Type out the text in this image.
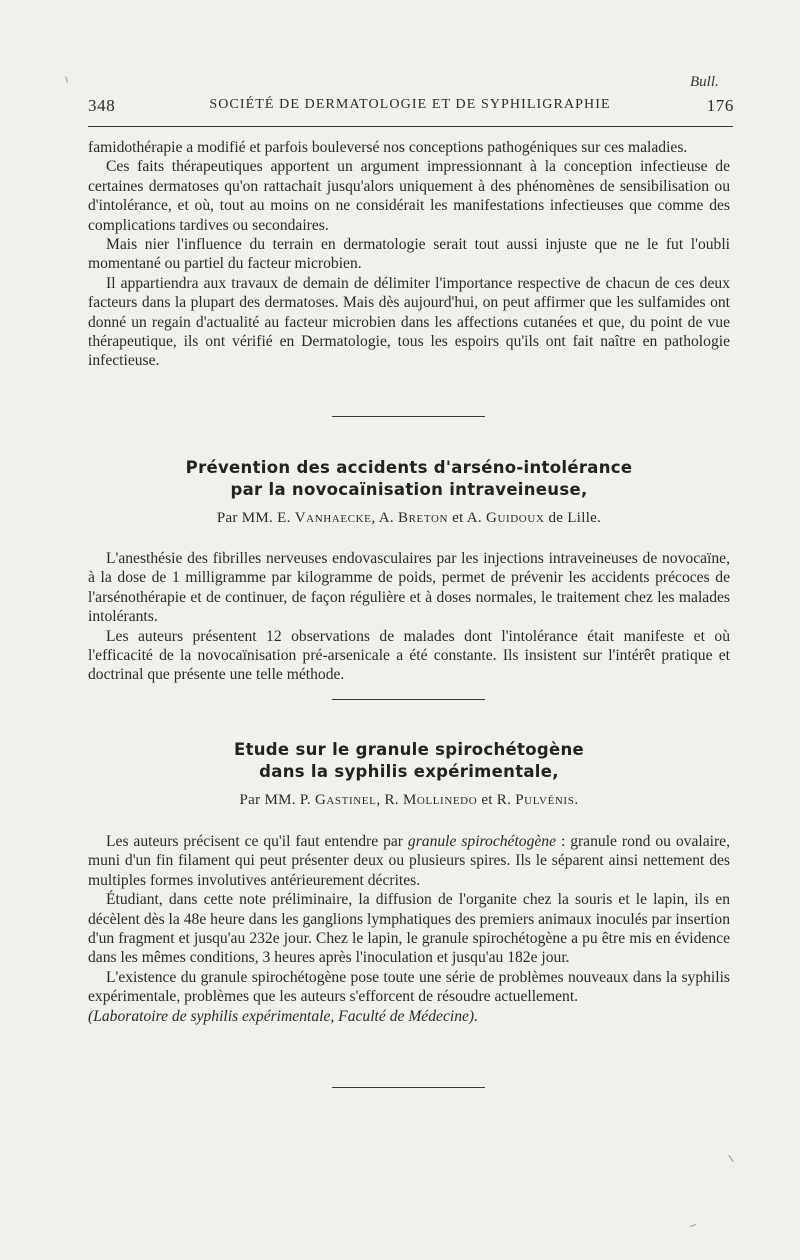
Bull.
348	SOCIÉTÉ DE DERMATOLOGIE ET DE SYPHILIGRAPHIE	176

famidothérapie a modifié et parfois bouleversé nos conceptions pathogéniques sur ces maladies.

Ces faits thérapeutiques apportent un argument impressionnant à la conception infectieuse de certaines dermatoses qu'on rattachait jusqu'alors uniquement à des phénomènes de sensibilisation ou d'intolérance, et où, tout au moins on ne considérait les manifestations infectieuses que comme des complications tardives ou secondaires.

Mais nier l'influence du terrain en dermatologie serait tout aussi injuste que ne le fut l'oubli momentané ou partiel du facteur microbien.

Il appartiendra aux travaux de demain de délimiter l'importance respective de chacun de ces deux facteurs dans la plupart des dermatoses. Mais dès aujourd'hui, on peut affirmer que les sulfamides ont donné un regain d'actualité au facteur microbien dans les affections cutanées et que, du point de vue thérapeutique, ils ont vérifié en Dermatologie, tous les espoirs qu'ils ont fait naître en pathologie infectieuse.

Prévention des accidents d'arséno-intolérance
par la novocaïnisation intraveineuse,
Par MM. E. Vanhaecke, A. Breton et A. Guidoux de Lille.

L'anesthésie des fibrilles nerveuses endovasculaires par les injections intraveineuses de novocaïne, à la dose de 1 milligramme par kilogramme de poids, permet de prévenir les accidents précoces de l'arsénothérapie et de continuer, de façon régulière et à doses normales, le traitement chez les malades intolérants.

Les auteurs présentent 12 observations de malades dont l'intolérance était manifeste et où l'efficacité de la novocaïnisation pré-arsenicale a été constante. Ils insistent sur l'intérêt pratique et doctrinal que présente une telle méthode.

Etude sur le granule spirochétogène
dans la syphilis expérimentale,
Par MM. P. Gastinel, R. Mollinedo et R. Pulvénis.

Les auteurs précisent ce qu'il faut entendre par granule spirochétogène : granule rond ou ovalaire, muni d'un fin filament qui peut présenter deux ou plusieurs spires. Ils le séparent ainsi nettement des multiples formes involutives antérieurement décrites.

Étudiant, dans cette note préliminaire, la diffusion de l'organite chez la souris et le lapin, ils en décèlent dès la 48e heure dans les ganglions lymphatiques des premiers animaux inoculés par insertion d'un fragment et jusqu'au 232e jour. Chez le lapin, le granule spirochétogène a pu être mis en évidence dans les mêmes conditions, 3 heures après l'inoculation et jusqu'au 182e jour.

L'existence du granule spirochétogène pose toute une série de problèmes nouveaux dans la syphilis expérimentale, problèmes que les auteurs s'efforcent de résoudre actuellement.

(Laboratoire de syphilis expérimentale, Faculté de Médecine).
